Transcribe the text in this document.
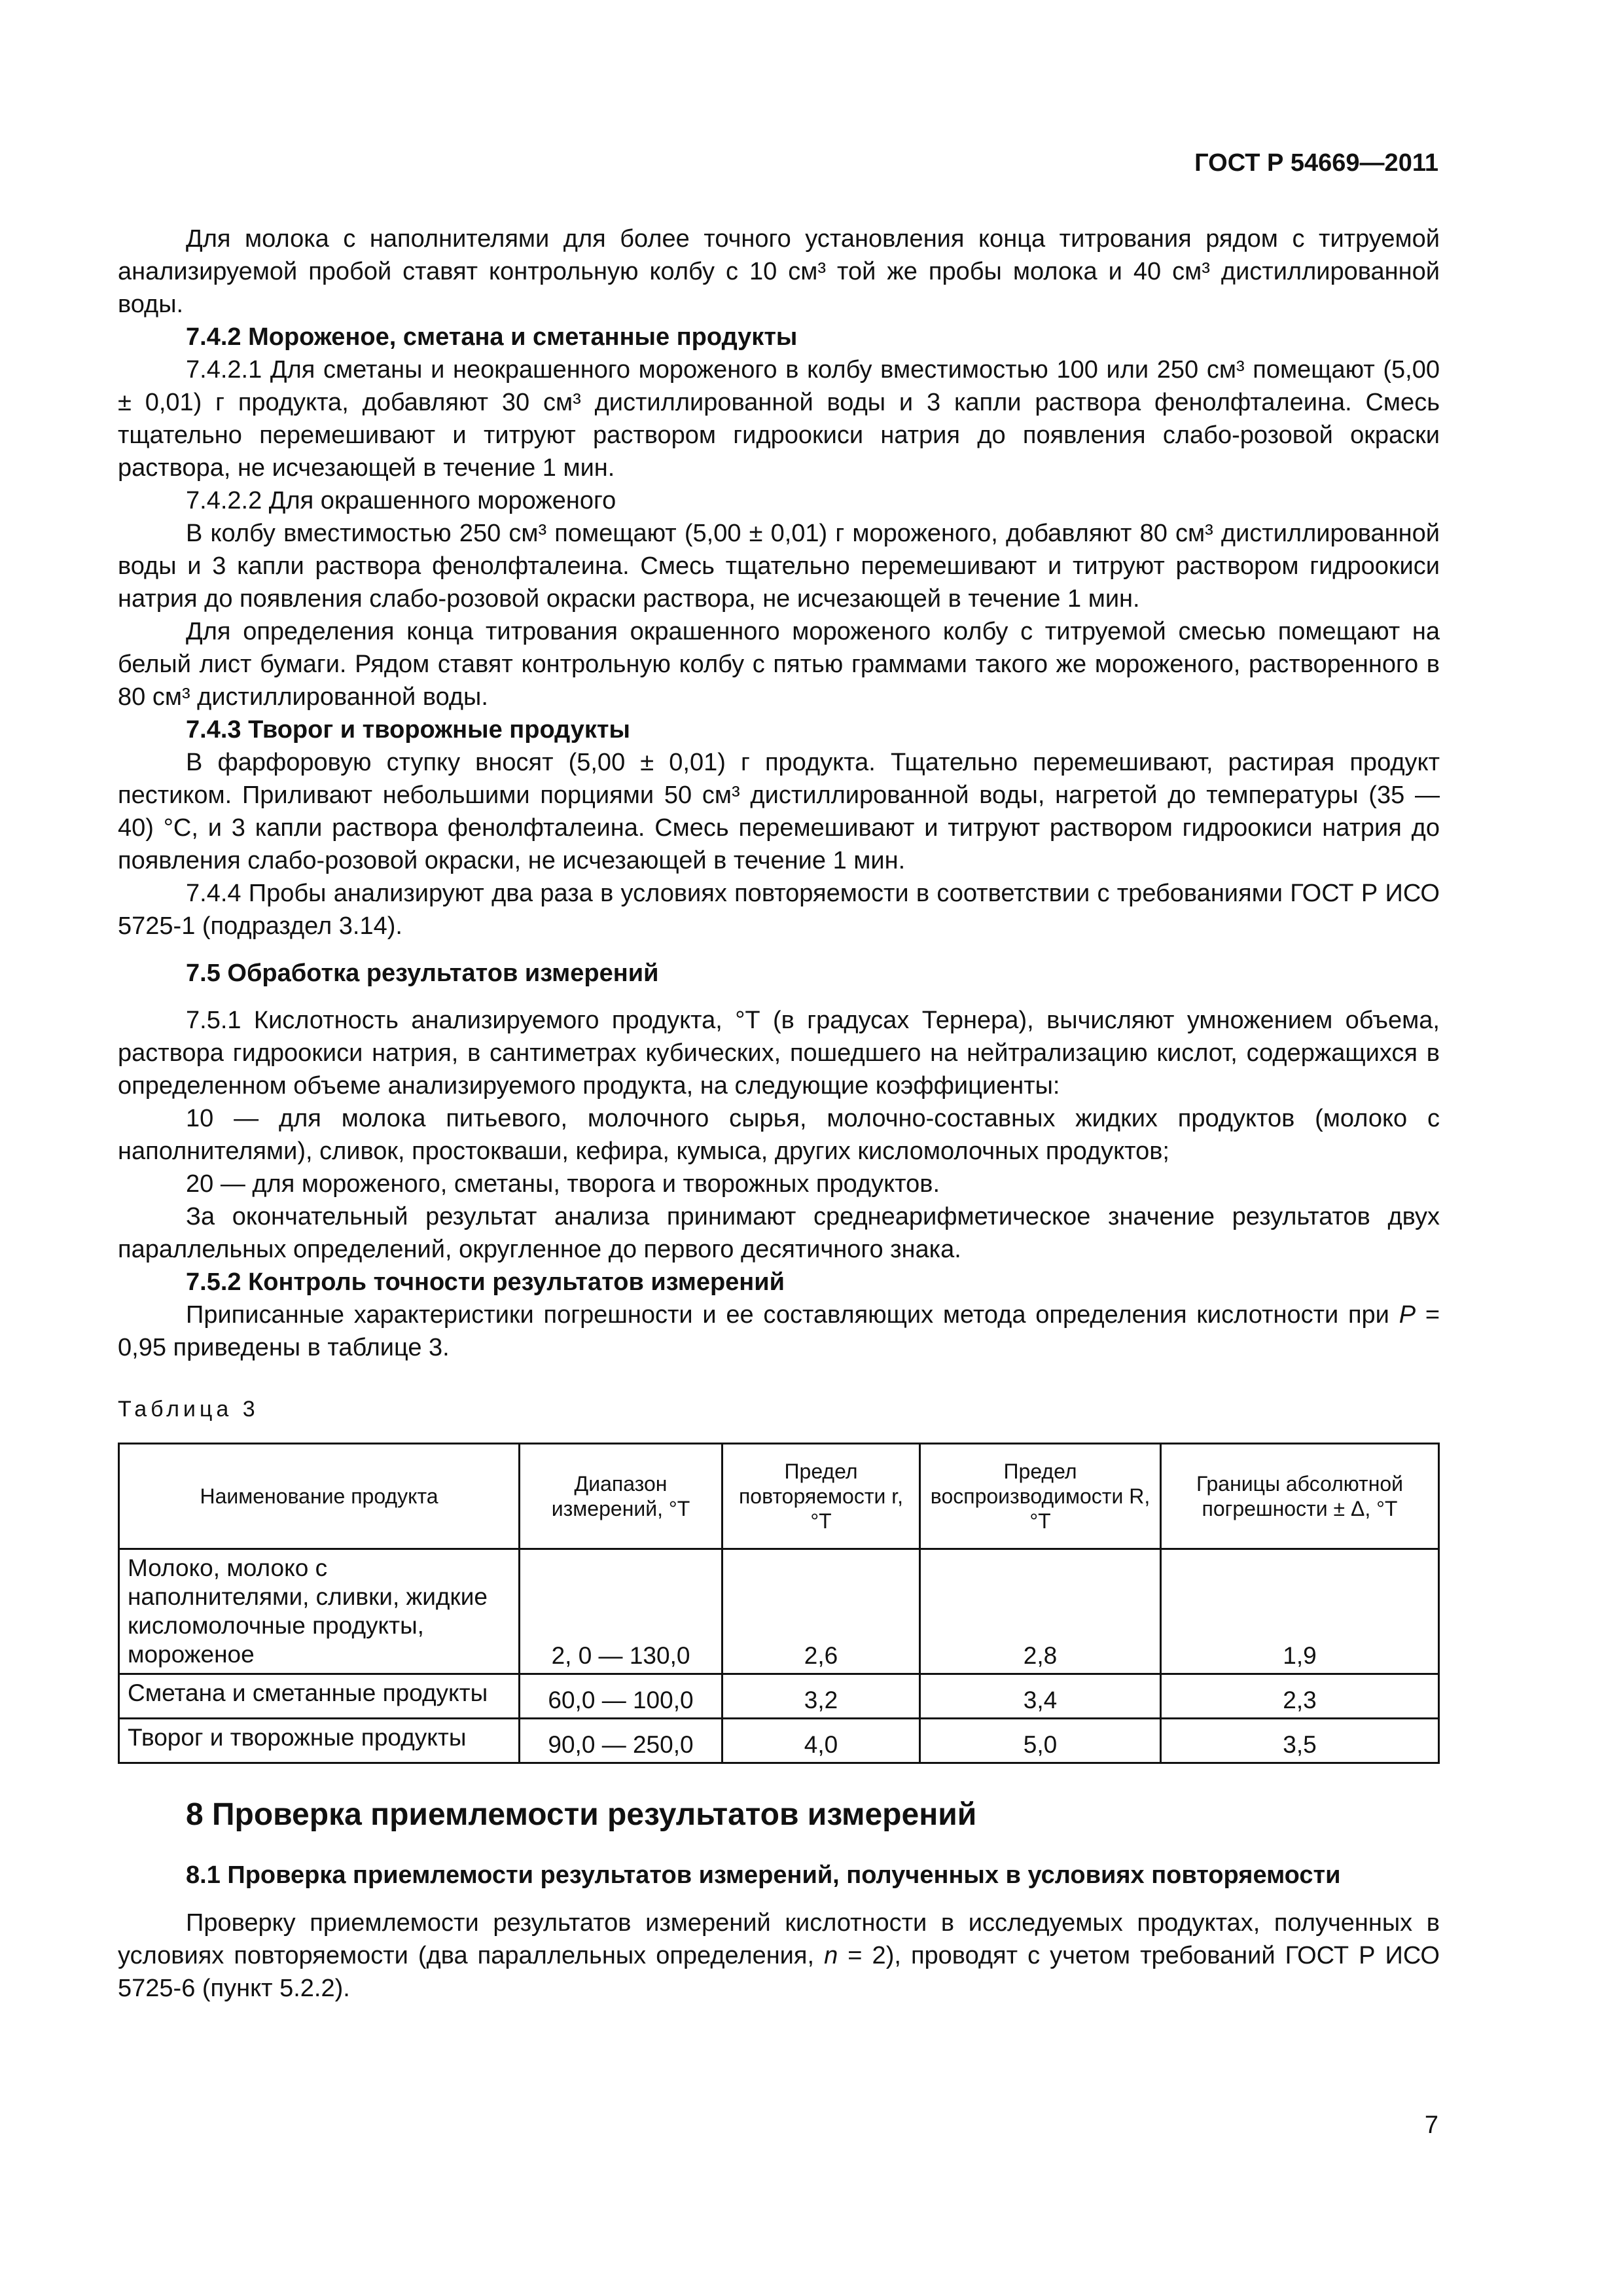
ГОСТ Р 54669—2011

Для молока с наполнителями для более точного установления конца титрования рядом с титруемой анализируемой пробой ставят контрольную колбу с 10 см³ той же пробы молока и 40 см³ дистиллированной воды.

7.4.2 Мороженое, сметана и сметанные продукты

7.4.2.1 Для сметаны и неокрашенного мороженого в колбу вместимостью 100 или 250 см³ помещают (5,00 ± 0,01) г продукта, добавляют 30 см³ дистиллированной воды и 3 капли раствора фенолфталеина. Смесь тщательно перемешивают и титруют раствором гидроокиси натрия до появления слабо-розовой окраски раствора, не исчезающей в течение 1 мин.

7.4.2.2 Для окрашенного мороженого

В колбу вместимостью 250 см³ помещают (5,00 ± 0,01) г мороженого, добавляют 80 см³ дистиллированной воды и 3 капли раствора фенолфталеина. Смесь тщательно перемешивают и титруют раствором гидроокиси натрия до появления слабо-розовой окраски раствора, не исчезающей в течение 1 мин.

Для определения конца титрования окрашенного мороженого колбу с титруемой смесью помещают на белый лист бумаги. Рядом ставят контрольную колбу с пятью граммами такого же мороженого, растворенного в 80 см³ дистиллированной воды.

7.4.3 Творог и творожные продукты

В фарфоровую ступку вносят (5,00 ± 0,01) г продукта. Тщательно перемешивают, растирая продукт пестиком. Приливают небольшими порциями 50 см³ дистиллированной воды, нагретой до температуры (35 — 40) °С, и 3 капли раствора фенолфталеина. Смесь перемешивают и титруют раствором гидроокиси натрия до появления слабо-розовой окраски, не исчезающей в течение 1 мин.

7.4.4 Пробы анализируют два раза в условиях повторяемости в соответствии с требованиями ГОСТ Р ИСО 5725-1 (подраздел 3.14).

7.5 Обработка результатов измерений

7.5.1 Кислотность анализируемого продукта, °Т (в градусах Тернера), вычисляют умножением объема, раствора гидроокиси натрия, в сантиметрах кубических, пошедшего на нейтрализацию кислот, содержащихся в определенном объеме анализируемого продукта, на следующие коэффициенты:

10 — для молока питьевого, молочного сырья, молочно-составных жидких продуктов (молоко с наполнителями), сливок, простокваши, кефира, кумыса, других кисломолочных продуктов;

20 — для мороженого, сметаны, творога и творожных продуктов.

За окончательный результат анализа принимают среднеарифметическое значение результатов двух параллельных определений, округленное до первого десятичного знака.

7.5.2 Контроль точности результатов измерений

Приписанные характеристики погрешности и ее составляющих метода определения кислотности при Р = 0,95 приведены в таблице 3.

Таблица 3
Наименование продукта	Диапазон измерений, °Т	Предел повторяемости r, °Т	Предел воспроизводимости R, °Т	Границы абсолютной погрешности ± Δ, °Т
Молоко, молоко с наполнителями, сливки, жидкие кисломолочные продукты, мороженое	2, 0 — 130,0	2,6	2,8	1,9
Сметана и сметанные продукты	60,0 — 100,0	3,2	3,4	2,3
Творог и творожные продукты	90,0 — 250,0	4,0	5,0	3,5
8 Проверка приемлемости результатов измерений
8.1 Проверка приемлемости результатов измерений, полученных в условиях повторяемости

Проверку приемлемости результатов измерений кислотности в исследуемых продуктах, полученных в условиях повторяемости (два параллельных определения, n = 2), проводят с учетом требований ГОСТ Р ИСО 5725-6 (пункт 5.2.2).

7
